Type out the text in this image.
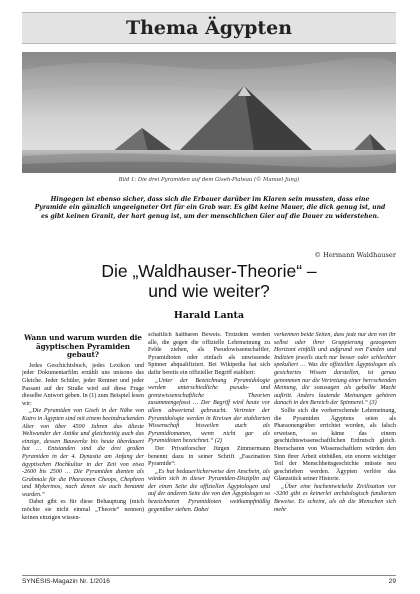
Thema Ägypten
Bild 1: Die drei Pyramiden auf dem Giseh-Plateau (© Manuel Jung)
Hingegen ist ebenso sicher, dass sich die Erbauer darüber im Klaren sein mussten, dass eine Pyramide ein gänzlich ungeeigneter Ort für ein Grab war. Es gibt keine Mauer, die dick genug ist, und es gibt keinen Granit, der hart genug ist, um der menschlichen Gier auf die Dauer zu widerstehen.
© Hermann Waldhauser
Die „Waldhauser-Theorie“ –
und wie weiter?
Harald Lanta
Wann und warum wurden die ägyptischen Pyramiden gebaut?

Jedes Geschichtsbuch, jedes Lexikon und jeder Dokumentarfilm erzählt uns unisono das Gleiche. Jeder Schüler, jeder Rentner und jeder Passant auf der Straße wird auf diese Frage dieselbe Antwort geben. In (1) zum Beispiel lesen wir:

„Die Pyramiden von Giseh in der Nähe von Kairo in Ägypten sind mit einem beeindruckenden Alter von über 4500 Jahren das älteste Weltwunder der Antike und gleichzeitig auch das einzige, dessen Bauwerke bis heute überdauert hat … Entstanden sind die drei großen Pyramiden in der 4. Dynastie am Anfang der ägyptischen Hochkultur in der Zeit von etwa -2600 bis 2500 … Die Pyramiden dienten als Grabmale für die Pharaonen Cheops, Chephren und Mykerinos, nach denen sie auch benannt wurden.“

Dabei gibt es für diese Behauptung (mich möchte sie nicht einmal „Theorie“ nennen) keinen einzigen wissen-

schaftlich haltbaren Beweis. Trotzdem werden alle, die gegen die offizielle Lehrmeinung zu Felde ziehen, als Pseudowissenschaftler, Pyramidioten oder einfach als unwissende Spinner abqualifiziert. Bei Wikipedia hat sich dafür bereits ein offizieller Begriff etabliert:

„Unter der Bezeichnung Pyramidologie werden unterschiedliche pseudo- und grenzwissenschaftliche Theorien zusammengefasst … Der Begriff wird heute vor allem abwertend gebraucht. Vertreter der Pyramidologie werden in Kreisen der etablierten Wissenschaft bisweilen auch als Pyramidiomanen, wenn nicht gar als Pyramidioten bezeichnet.“ (2)

Der Privatforscher Jürgen Zimmermann benennt dazu in seiner Schrift „Faszination Pyramide“:

„Es hat bedauerlicherweise den Anschein, als würden sich in dieser Pyramiden-Disziplin auf der einen Seite die offiziellen Ägyptologen und auf der anderen Seite die von den Ägyptologen so bezeichneten Pyramidioten wettkampfmäßig gegenüber stehen. Dabei

verkennen beide Seiten, dass jede nur den von ihr selbst oder ihrer Gruppierung gezogenen Horizont einfällt und aufgrund von Funden und Indizien jeweils auch nur besser oder schlechter spekuliert … Was die offiziellen Ägyptologen als gesichertes Wissen darstellen, ist genau genommen nur die Vertretung einer herrschenden Meinung, die sozusagen als geballte Macht auftritt. Anders lautende Meinungen gehören danach in den Bereich der Spinnerei.“ (3)

Sollte sich die vorherrschende Lehrmeinung, die Pyramiden Ägyptens seien als Pharaonengräber errichtet worden, als falsch erweisen, so käme das einem geschichtswissenschaftlichen Erdrutsch gleich. Heerscharen von Wissenschaftlern würden den Sinn ihrer Arbeit einbüßen, ein enorm wichtiger Teil der Menschheitsgeschichte müsste neu geschrieben werden. Ägypten verlöre das Glanzstück seiner Historie.

„Über eine hochentwickelte Zivilisation vor -3200 gibt es keinerlei archäologisch fundierten Beweise. Es scheint, als ob die Menschen sich mehr

SYNESIS-Magazin Nr. 1/2016	29
